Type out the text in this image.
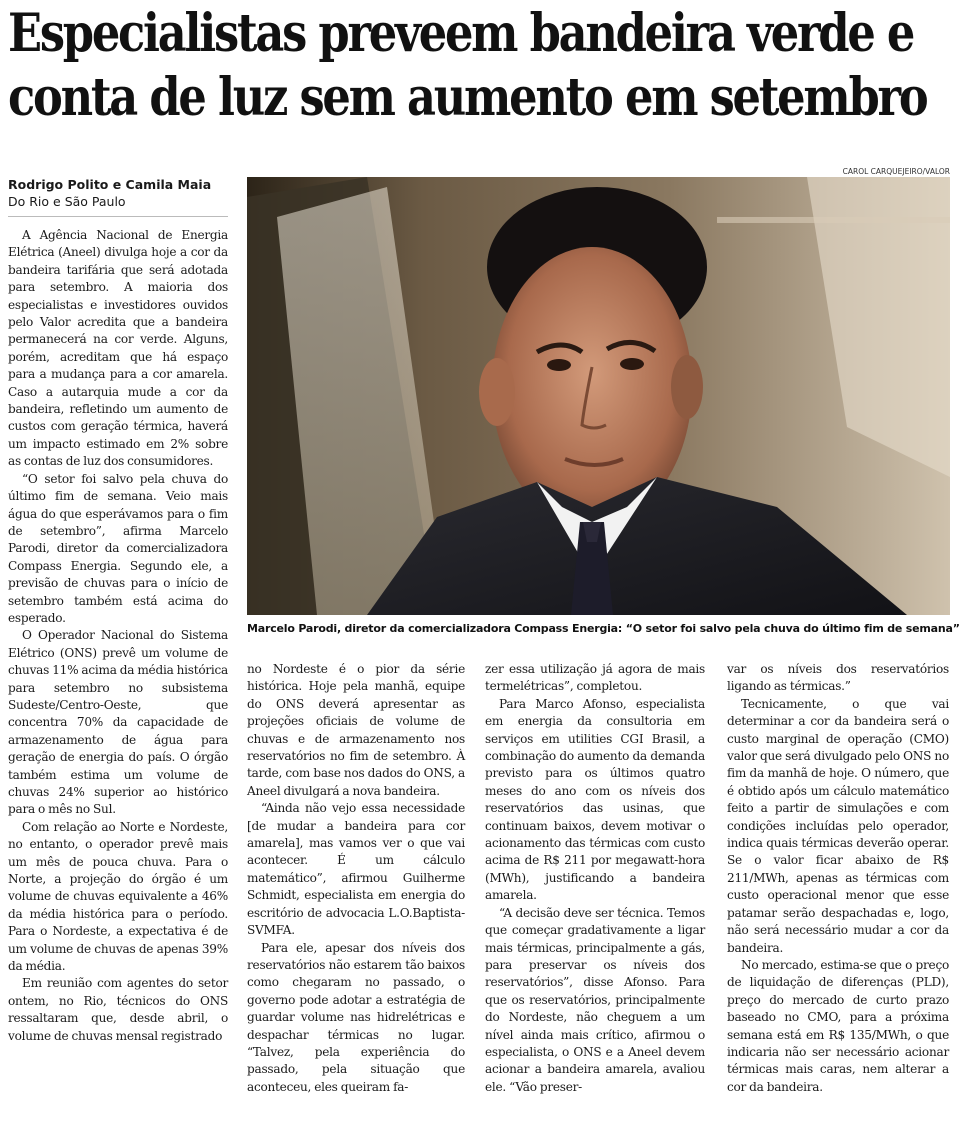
Especialistas preveem bandeira verde e
conta de luz sem aumento em setembro
Rodrigo Polito e Camila Maia
Do Rio e São Paulo
CAROL CARQUEJEIRO/VALOR

Marcelo Parodi, diretor da comercializadora Compass Energia: “O setor foi salvo pela chuva do último fim de semana”

A Agência Nacional de Energia Elétrica (Aneel) divulga hoje a cor da bandeira tarifária que será adotada para setembro. A maioria dos especialistas e investidores ouvidos pelo Valor acredita que a bandeira permanecerá na cor verde. Alguns, porém, acreditam que há espaço para a mudança para a cor amarela. Caso a autarquia mude a cor da bandeira, refletindo um aumento de custos com geração térmica, haverá um impacto estimado em 2% sobre as contas de luz dos consumidores.

“O setor foi salvo pela chuva do último fim de semana. Veio mais água do que esperávamos para o fim de setembro”, afirma Marcelo Parodi, diretor da comercializadora Compass Energia. Segundo ele, a previsão de chuvas para o início de setembro também está acima do esperado.

O Operador Nacional do Sistema Elétrico (ONS) prevê um volume de chuvas 11% acima da média histórica para setembro no subsistema Sudeste/Centro-Oeste, que concentra 70% da capacidade de armazenamento de água para geração de energia do país. O órgão também estima um volume de chuvas 24% superior ao histórico para o mês no Sul.

Com relação ao Norte e Nordeste, no entanto, o operador prevê mais um mês de pouca chuva. Para o Norte, a projeção do órgão é um volume de chuvas equivalente a 46% da média histórica para o período. Para o Nordeste, a expectativa é de um volume de chuvas de apenas 39% da média.

Em reunião com agentes do setor ontem, no Rio, técnicos do ONS ressaltaram que, desde abril, o volume de chuvas mensal registrado

no Nordeste é o pior da série histórica. Hoje pela manhã, equipe do ONS deverá apresentar as projeções oficiais de volume de chuvas e de armazenamento nos reservatórios no fim de setembro. À tarde, com base nos dados do ONS, a Aneel divulgará a nova bandeira.

“Ainda não vejo essa necessidade [de mudar a bandeira para cor amarela], mas vamos ver o que vai acontecer. É um cálculo matemático”, afirmou Guilherme Schmidt, especialista em energia do escritório de advocacia L.O.Baptista-SVMFA.

Para ele, apesar dos níveis dos reservatórios não estarem tão baixos como chegaram no passado, o governo pode adotar a estratégia de guardar volume nas hidrelétricas e despachar térmicas no lugar. “Talvez, pela experiência do passado, pela situação que aconteceu, eles queiram fa-

zer essa utilização já agora de mais termelétricas”, completou.

Para Marco Afonso, especialista em energia da consultoria em serviços em utilities CGI Brasil, a combinação do aumento da demanda previsto para os últimos quatro meses do ano com os níveis dos reservatórios das usinas, que continuam baixos, devem motivar o acionamento das térmicas com custo acima de R$ 211 por megawatt-hora (MWh), justificando a bandeira amarela.

“A decisão deve ser técnica. Temos que começar gradativamente a ligar mais térmicas, principalmente a gás, para preservar os níveis dos reservatórios”, disse Afonso. Para que os reservatórios, principalmente do Nordeste, não cheguem a um nível ainda mais crítico, afirmou o especialista, o ONS e a Aneel devem acionar a bandeira amarela, avaliou ele. “Vão preser-

var os níveis dos reservatórios ligando as térmicas.”

Tecnicamente, o que vai determinar a cor da bandeira será o custo marginal de operação (CMO) valor que será divulgado pelo ONS no fim da manhã de hoje. O número, que é obtido após um cálculo matemático feito a partir de simulações e com condições incluídas pelo operador, indica quais térmicas deverão operar. Se o valor ficar abaixo de R$ 211/MWh, apenas as térmicas com custo operacional menor que esse patamar serão despachadas e, logo, não será necessário mudar a cor da bandeira.

No mercado, estima-se que o preço de liquidação de diferenças (PLD), preço do mercado de curto prazo baseado no CMO, para a próxima semana está em R$ 135/MWh, o que indicaria não ser necessário acionar térmicas mais caras, nem alterar a cor da bandeira.
